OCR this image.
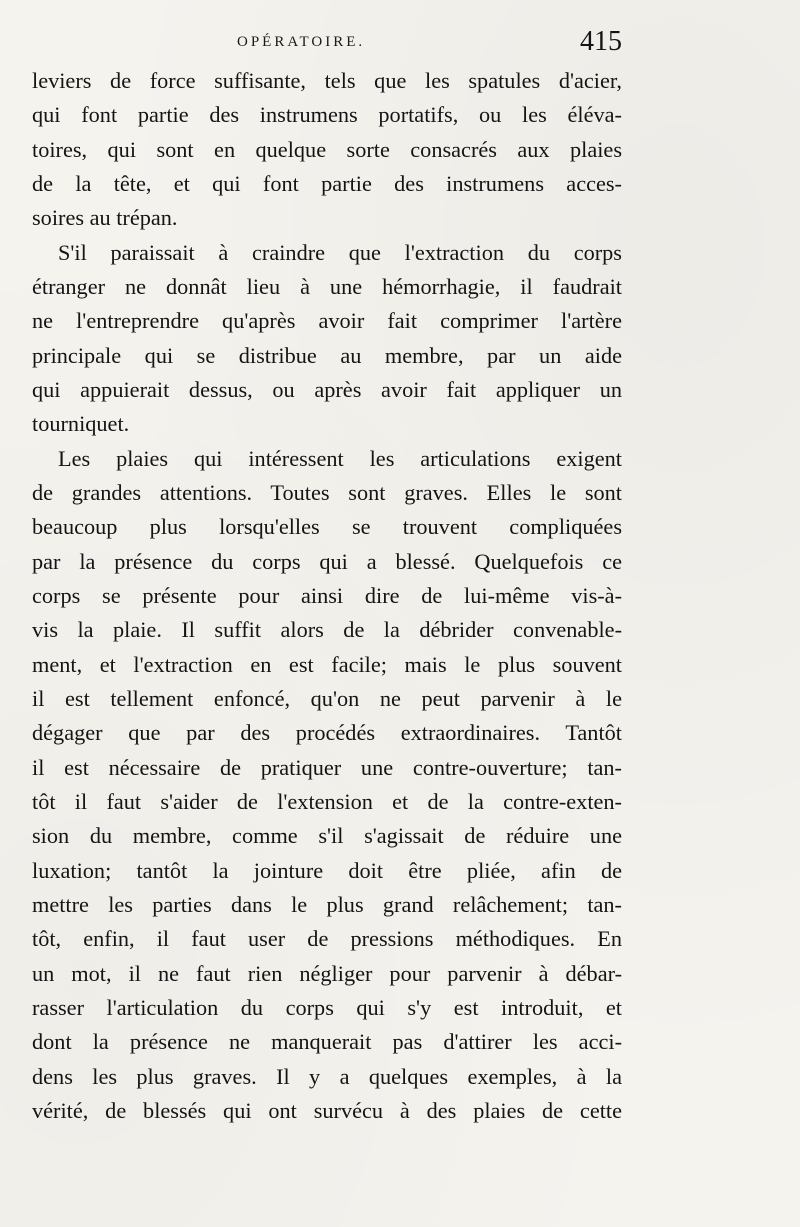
OPÉRATOIRE.	415
leviers de force suffisante, tels que les spatules d'acier,
qui font partie des instrumens portatifs, ou les éléva-
toires, qui sont en quelque sorte consacrés aux plaies
de la tête, et qui font partie des instrumens acces-
soires au trépan.
S'il paraissait à craindre que l'extraction du corps
étranger ne donnât lieu à une hémorrhagie, il faudrait
ne l'entreprendre qu'après avoir fait comprimer l'artère
principale qui se distribue au membre, par un aide
qui appuierait dessus, ou après avoir fait appliquer un
tourniquet.
Les plaies qui intéressent les articulations exigent
de grandes attentions. Toutes sont graves. Elles le sont
beaucoup plus lorsqu'elles se trouvent compliquées
par la présence du corps qui a blessé. Quelquefois ce
corps se présente pour ainsi dire de lui-même vis-à-
vis la plaie. Il suffit alors de la débrider convenable-
ment, et l'extraction en est facile; mais le plus souvent
il est tellement enfoncé, qu'on ne peut parvenir à le
dégager que par des procédés extraordinaires. Tantôt
il est nécessaire de pratiquer une contre-ouverture; tan-
tôt il faut s'aider de l'extension et de la contre-exten-
sion du membre, comme s'il s'agissait de réduire une
luxation; tantôt la jointure doit être pliée, afin de
mettre les parties dans le plus grand relâchement; tan-
tôt, enfin, il faut user de pressions méthodiques. En
un mot, il ne faut rien négliger pour parvenir à débar-
rasser l'articulation du corps qui s'y est introduit, et
dont la présence ne manquerait pas d'attirer les acci-
dens les plus graves. Il y a quelques exemples, à la
vérité, de blessés qui ont survécu à des plaies de cette
